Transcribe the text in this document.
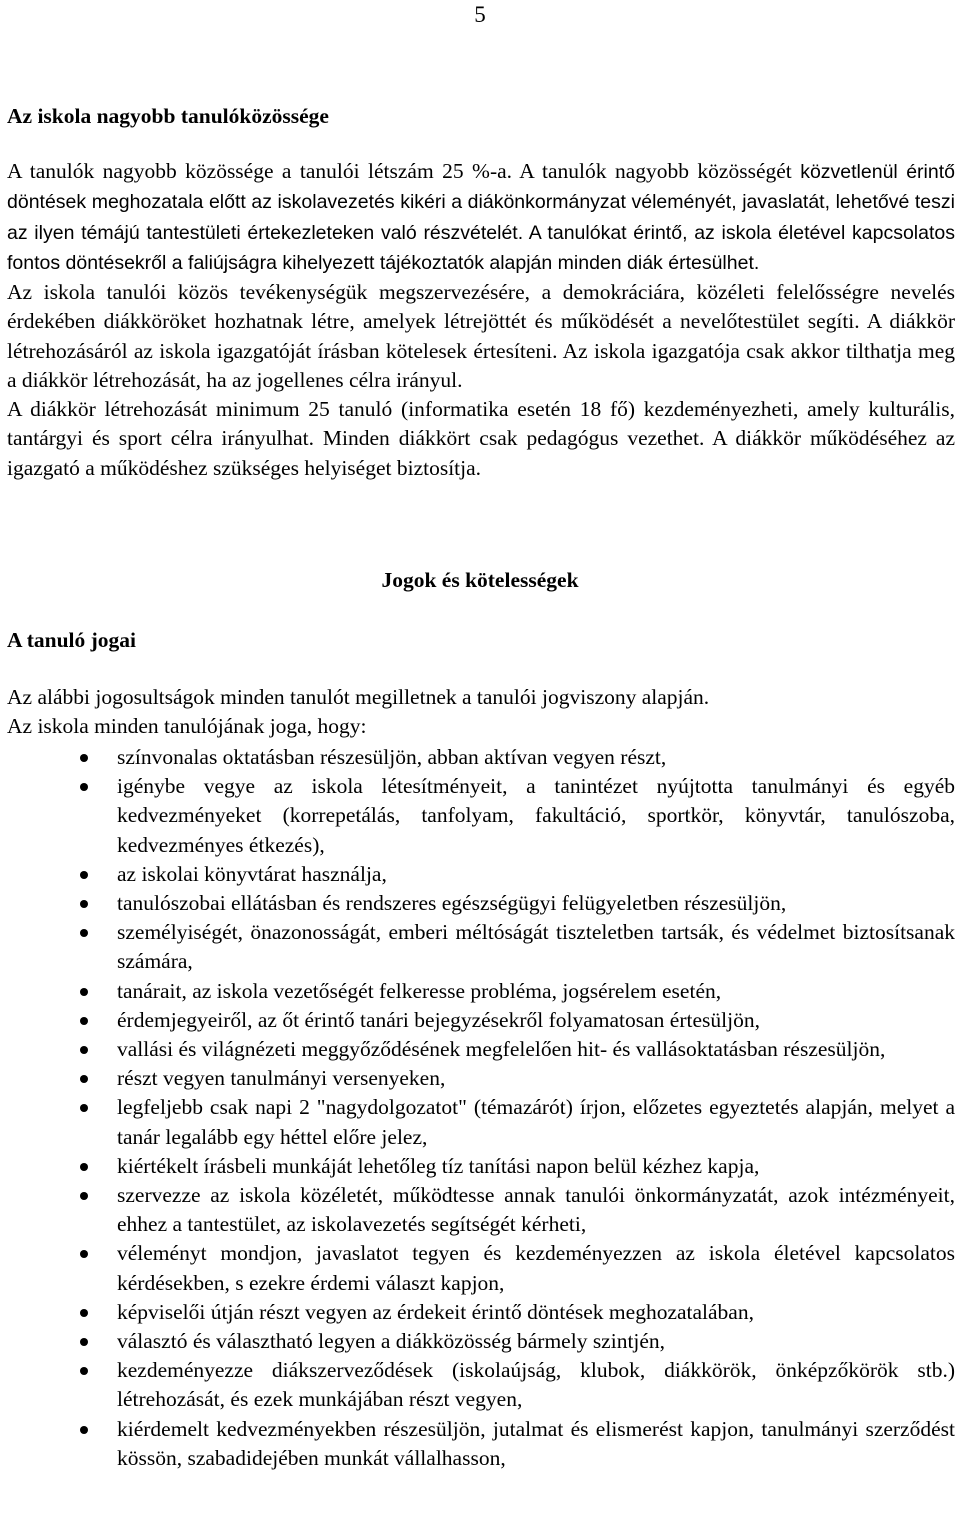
5
Az iskola nagyobb tanulóközössége

A tanulók nagyobb közössége a tanulói létszám 25 %-a. A tanulók nagyobb közösségét közvetlenül érintő döntések meghozatala előtt az iskolavezetés kikéri a diákönkormányzat véleményét, javaslatát, lehetővé teszi az ilyen témájú tantestületi értekezleteken való részvételét. A tanulókat érintő, az iskola életével kapcsolatos fontos döntésekről a faliújságra kihelyezett tájékoztatók alapján minden diák értesülhet.

Az iskola tanulói közös tevékenységük megszervezésére, a demokráciára, közéleti felelősségre nevelés érdekében diákköröket hozhatnak létre, amelyek létrejöttét és működését a nevelőtestület segíti. A diákkör létrehozásáról az iskola igazgatóját írásban kötelesek értesíteni. Az iskola igazgatója csak akkor tilthatja meg a diákkör létrehozását, ha az jogellenes célra irányul.

A diákkör létrehozását minimum 25 tanuló (informatika esetén 18 fő) kezdeményezheti, amely kulturális, tantárgyi és sport célra irányulhat. Minden diákkört csak pedagógus vezethet. A diákkör működéséhez az igazgató a működéshez szükséges helyiséget biztosítja.

Jogok és kötelességek
A tanuló jogai

Az alábbi jogosultságok minden tanulót megilletnek a tanulói jogviszony alapján.

Az iskola minden tanulójának joga, hogy:

színvonalas oktatásban részesüljön, abban aktívan vegyen részt,
igénybe vegye az iskola létesítményeit, a tanintézet nyújtotta tanulmányi és egyéb kedvezményeket (korrepetálás, tanfolyam, fakultáció, sportkör, könyvtár, tanulószoba, kedvezményes étkezés),
az iskolai könyvtárat használja,
tanulószobai ellátásban és rendszeres egészségügyi felügyeletben részesüljön,
személyiségét, önazonosságát, emberi méltóságát tiszteletben tartsák, és védelmet biztosítsanak számára,
tanárait, az iskola vezetőségét felkeresse probléma, jogsérelem esetén,
érdemjegyeiről, az őt érintő tanári bejegyzésekről folyamatosan értesüljön,
vallási és világnézeti meggyőződésének megfelelően hit- és vallásoktatásban részesüljön,
részt vegyen tanulmányi versenyeken,
legfeljebb csak napi 2 "nagydolgozatot" (témazárót) írjon, előzetes egyeztetés alapján, melyet a tanár legalább egy héttel előre jelez,
kiértékelt írásbeli munkáját lehetőleg tíz tanítási napon belül kézhez kapja,
szervezze az iskola közéletét, működtesse annak tanulói önkormányzatát, azok intézményeit, ehhez a tantestület, az iskolavezetés segítségét kérheti,
véleményt mondjon, javaslatot tegyen és kezdeményezzen az iskola életével kapcsolatos kérdésekben, s ezekre érdemi választ kapjon,
képviselői útján részt vegyen az érdekeit érintő döntések meghozatalában,
választó és választható legyen a diákközösség bármely szintjén,
kezdeményezze diákszerveződések (iskolaújság, klubok, diákkörök, önképzőkörök stb.) létrehozását, és ezek munkájában részt vegyen,
kiérdemelt kedvezményekben részesüljön, jutalmat és elismerést kapjon, tanulmányi szerződést kössön, szabadidejében munkát vállalhasson,
